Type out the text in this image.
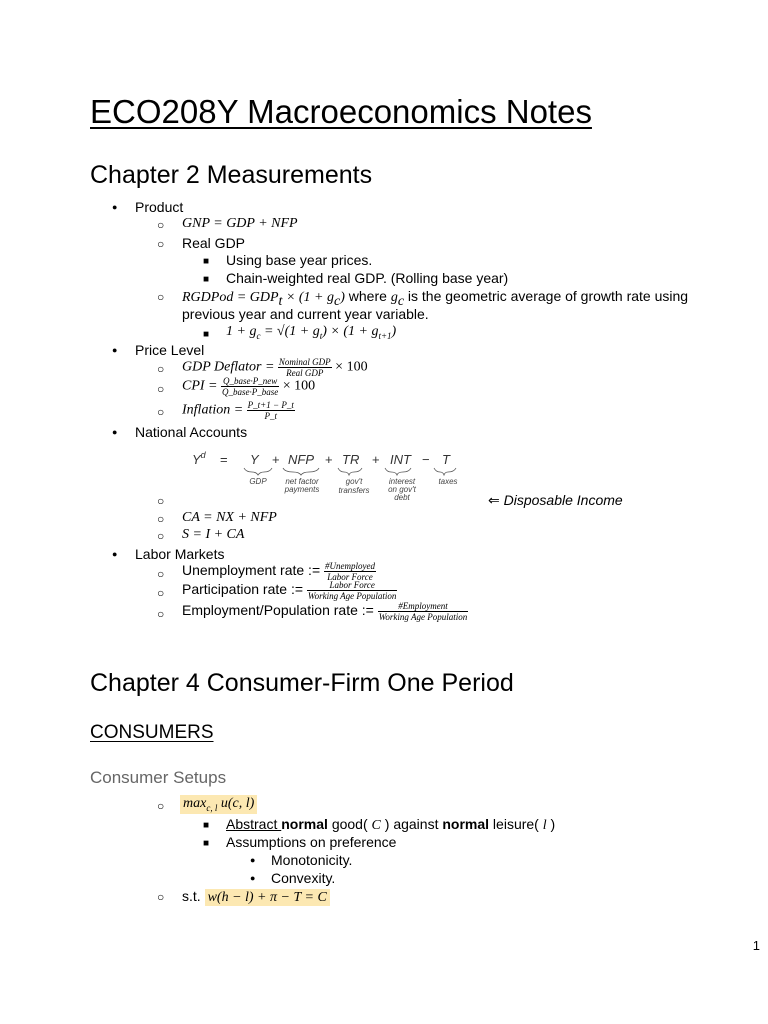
ECO208Y Macroeconomics Notes
Chapter 2 Measurements
●
Product
○
GNP = GDP + NFP
○
Real GDP
■
Using base year prices.
■
Chain-weighted real GDP. (Rolling base year)
○
RGDPod = $GDP_t \times (1 + g_c)$ where $g_c$ is the geometric average of growth rate using
previous year and current year variable.
■
$1 + g_c = √(1 + g_t) \times (1 + g_{t+1})$
●
Price Level
○
GDP Deflator = $\frac{\text{Nominal GDP}}{\text{Real GDP}} \times 100$
○
CPI = $\frac{\text{Q\_base·P\_new}}{\text{Q\_base·P\_base}} \times 100$
○
Inflation = $\frac{P\_t+1 - P\_t}{P\_t}$
●
National Accounts
$Y^d = Y$ + NFP + TR + INT − T
GDP net factor
payments
gov't
transfers
interest
on gov't
debt
taxes
○
⇐ Disposable Income
○
CA = NX + NFP
○
S = I + CA
●
Labor Markets
○
Unemployment rate := $\frac{\text{\#Unemployed}}{\text{Labor Force}}$
○
Participation rate := $\frac{\text{Labor Force}}{\text{Working Age Population}}$
○
Employment/Population rate := $\frac{\text{\#Employment}}{\text{Working Age Population}}$
Chapter 4 Consumer-Firm One Period
CONSUMERS
Consumer Setups
○
$\max_{c, l} u(c$, l)
■
Abstract normal good( C ) against normal leisure( l )
■
Assumptions on preference
●
Monotonicity.
●
Convexity.
○
s.t. w(h − l) + π − T = C
1
